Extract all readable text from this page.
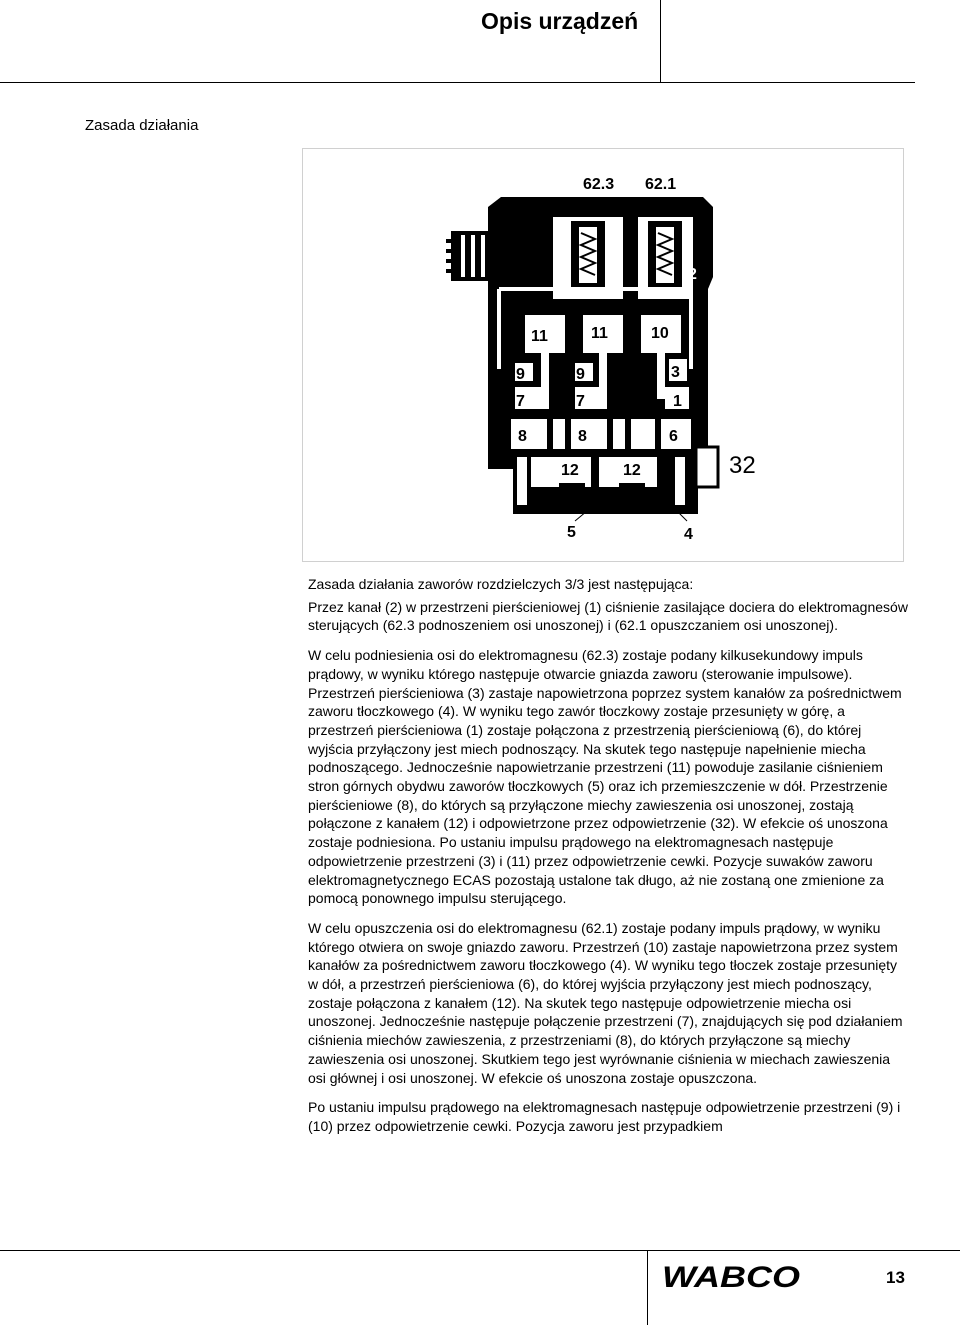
Opis urządzeń
Zasada działania
62.3 62.1
11	11	10
9	9	3
7	7	1
8	8	6
12	12
5	4
2
32

Zasada działania zaworów rozdzielczych 3/3 jest następująca:

Przez kanał (2) w przestrzeni pierścieniowej (1) ciśnienie zasilające dociera do elektromagnesów sterujących (62.3 podnoszeniem osi unoszonej) i (62.1 opuszczaniem osi unoszonej).

W celu podniesienia osi do elektromagnesu (62.3) zostaje podany kilkusekundowy impuls prądowy, w wyniku którego następuje otwarcie gniazda zaworu (sterowanie impulsowe). Przestrzeń pierścieniowa (3) zastaje napowietrzona poprzez system kanałów za pośrednictwem zaworu tłoczkowego (4). W wyniku tego zawór tłoczkowy zostaje przesunięty w górę, a przestrzeń pierścieniowa (1) zostaje połączona z przestrzenią pierścieniową (6), do której wyjścia przyłączony jest miech podnoszący. Na skutek tego następuje napełnienie miecha podnoszącego. Jednocześnie napowietrzanie przestrzeni (11) powoduje zasilanie ciśnieniem stron górnych obydwu zaworów tłoczkowych (5) oraz ich przemieszczenie w dół. Przestrzenie pierścieniowe (8), do których są przyłączone miechy zawieszenia osi unoszonej, zostają połączone z kanałem (12) i odpowietrzone przez odpowietrzenie (32). W efekcie oś unoszona zostaje podniesiona. Po ustaniu impulsu prądowego na elektromagnesach następuje odpowietrzenie przestrzeni (3) i (11) przez odpowietrzenie cewki. Pozycje suwaków zaworu elektromagnetycznego ECAS pozostają ustalone tak długo, aż nie zostaną one zmienione za pomocą ponownego impulsu sterującego.

W celu opuszczenia osi do elektromagnesu (62.1) zostaje podany impuls prądowy, w wyniku którego otwiera on swoje gniazdo zaworu. Przestrzeń (10) zastaje napowietrzona przez system kanałów za pośrednictwem zaworu tłoczkowego (4). W wyniku tego tłoczek zostaje przesunięty w dół, a przestrzeń pierścieniowa (6), do której wyjścia przyłączony jest miech podnoszący, zostaje połączona z kanałem (12). Na skutek tego następuje odpowietrzenie miecha osi unoszonej. Jednocześnie następuje połączenie przestrzeni (7), znajdujących się pod działaniem ciśnienia miechów zawieszenia, z przestrzeniami (8), do których przyłączone są miechy zawieszenia osi unoszonej. Skutkiem tego jest wyrównanie ciśnienia w miechach zawieszenia osi głównej i osi unoszonej. W efekcie oś unoszona zostaje opuszczona.

Po ustaniu impulsu prądowego na elektromagnesach następuje odpowietrzenie przestrzeni (9) i (10) przez odpowietrzenie cewki. Pozycja zaworu jest przypadkiem

WABCO	13
